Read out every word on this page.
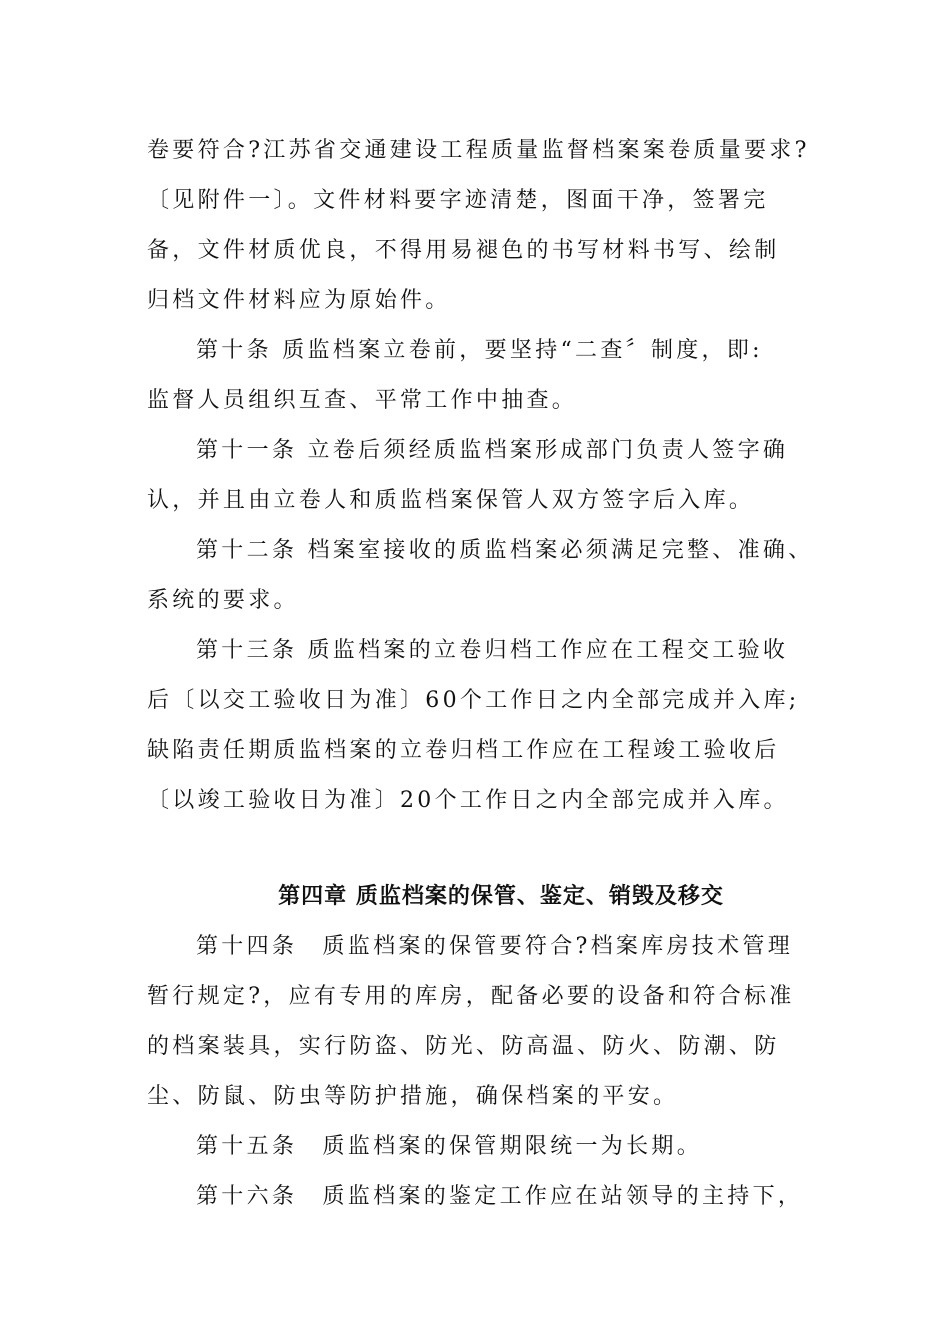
卷要符合?江苏省交通建设工程质量监督档案案卷质量要求?
〔见附件一〕。文件材料要字迹清楚，图面干净，签署完
备，文件材质优良，不得用易褪色的书写材料书写、绘制
归档文件材料应为原始件。
第十条 质监档案立卷前，要坚持“二查〞制度，即:
监督人员组织互查、平常工作中抽查。
第十一条 立卷后须经质监档案形成部门负责人签字确
认，并且由立卷人和质监档案保管人双方签字后入库。
第十二条 档案室接收的质监档案必须满足完整、准确、
系统的要求。
第十三条 质监档案的立卷归档工作应在工程交工验收
后〔以交工验收日为准〕60个工作日之内全部完成并入库;
缺陷责任期质监档案的立卷归档工作应在工程竣工验收后
〔以竣工验收日为准〕20个工作日之内全部完成并入库。
第四章 质监档案的保管、鉴定、销毁及移交
第十四条　质监档案的保管要符合?档案库房技术管理
暂行规定?，应有专用的库房，配备必要的设备和符合标准
的档案装具，实行防盗、防光、防高温、防火、防潮、防
尘、防鼠、防虫等防护措施，确保档案的平安。
第十五条　质监档案的保管期限统一为长期。
第十六条　质监档案的鉴定工作应在站领导的主持下，
